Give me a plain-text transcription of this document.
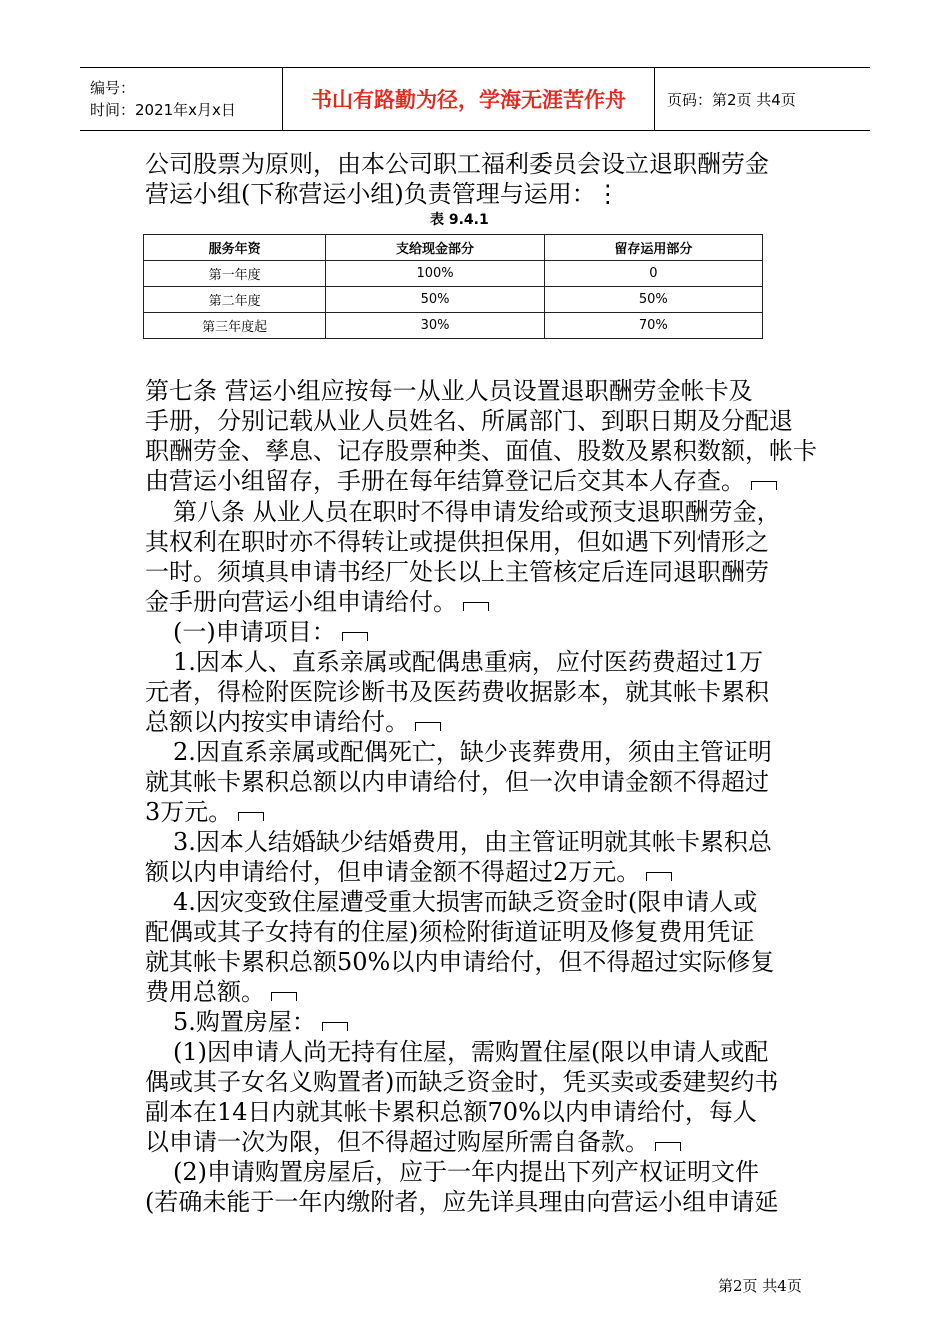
编号：
时间：2021年x月x日	书山有路勤为径，学海无涯苦作舟	页码：第2页 共4页
公司股票为原则，由本公司职工福利委员会设立退职酬劳金
营运小组(下称营运小组)负责管理与运用：⋮
表 9.4.1
服务年资	支给现金部分	留存运用部分
第一年度	100%	0
第二年度	50%	50%
第三年度起	30%	70%
第七条 营运小组应按每一从业人员设置退职酬劳金帐卡及
手册，分别记载从业人员姓名、所属部门、到职日期及分配退
职酬劳金、孳息、记存股票种类、面值、股数及累积数额，帐卡
由营运小组留存，手册在每年结算登记后交其本人存查。
第八条 从业人员在职时不得申请发给或预支退职酬劳金，
其权利在职时亦不得转让或提供担保用，但如遇下列情形之
一时。须填具申请书经厂处长以上主管核定后连同退职酬劳
金手册向营运小组申请给付。
(一)申请项目：
1.因本人、直系亲属或配偶患重病，应付医药费超过1万
元者，得检附医院诊断书及医药费收据影本，就其帐卡累积
总额以内按实申请给付。
2.因直系亲属或配偶死亡，缺少丧葬费用，须由主管证明
就其帐卡累积总额以内申请给付，但一次申请金额不得超过
3万元。
3.因本人结婚缺少结婚费用，由主管证明就其帐卡累积总
额以内申请给付，但申请金额不得超过2万元。
4.因灾变致住屋遭受重大损害而缺乏资金时(限申请人或
配偶或其子女持有的住屋)须检附街道证明及修复费用凭证
就其帐卡累积总额50%以内申请给付，但不得超过实际修复
费用总额。
5.购置房屋：
(1)因申请人尚无持有住屋，需购置住屋(限以申请人或配
偶或其子女名义购置者)而缺乏资金时，凭买卖或委建契约书
副本在14日内就其帐卡累积总额70%以内申请给付，每人
以申请一次为限，但不得超过购屋所需自备款。
(2)申请购置房屋后，应于一年内提出下列产权证明文件
(若确未能于一年内缴附者，应先详具理由向营运小组申请延
第2页 共4页
